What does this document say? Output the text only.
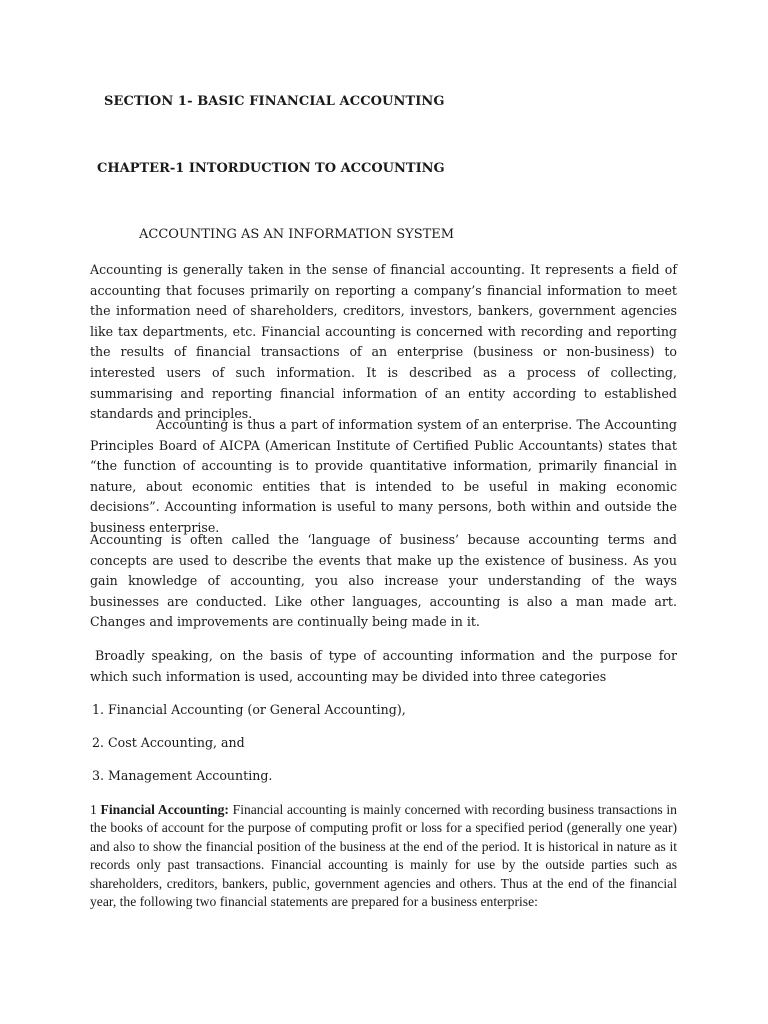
SECTION 1- BASIC FINANCIAL ACCOUNTING
CHAPTER-1 INTORDUCTION TO ACCOUNTING
ACCOUNTING AS AN INFORMATION SYSTEM

Accounting is generally taken in the sense of financial accounting. It represents a field of accounting that focuses primarily on reporting a company’s financial information to meet the information need of shareholders, creditors, investors, bankers, government agencies like tax departments, etc. Financial accounting is concerned with recording and reporting the results of financial transactions of an enterprise (business or non-business) to interested users of such information. It is described as a process of collecting, summarising and reporting financial information of an entity according to established standards and principles.

Accounting is thus a part of information system of an enterprise. The Accounting Principles Board of AICPA (American Institute of Certified Public Accountants) states that “the function of accounting is to provide quantitative information, primarily financial in nature, about economic entities that is intended to be useful in making economic decisions”. Accounting information is useful to many persons, both within and outside the business enterprise.

Accounting is often called the ‘language of business’ because accounting terms and concepts are used to describe the events that make up the existence of business. As you gain knowledge of accounting, you also increase your understanding of the ways businesses are conducted. Like other languages, accounting is also a man made art. Changes and improvements are continually being made in it.

Broadly speaking, on the basis of type of accounting information and the purpose for which such information is used, accounting may be divided into three categories

1. Financial Accounting (or General Accounting),
2. Cost Accounting, and
3. Management Accounting.

1 Financial Accounting: Financial accounting is mainly concerned with recording business transactions in the books of account for the purpose of computing profit or loss for a specified period (generally one year) and also to show the financial position of the business at the end of the period. It is historical in nature as it records only past transactions. Financial accounting is mainly for use by the outside parties such as shareholders, creditors, bankers, public, government agencies and others. Thus at the end of the financial year, the following two financial statements are prepared for a business enterprise:
